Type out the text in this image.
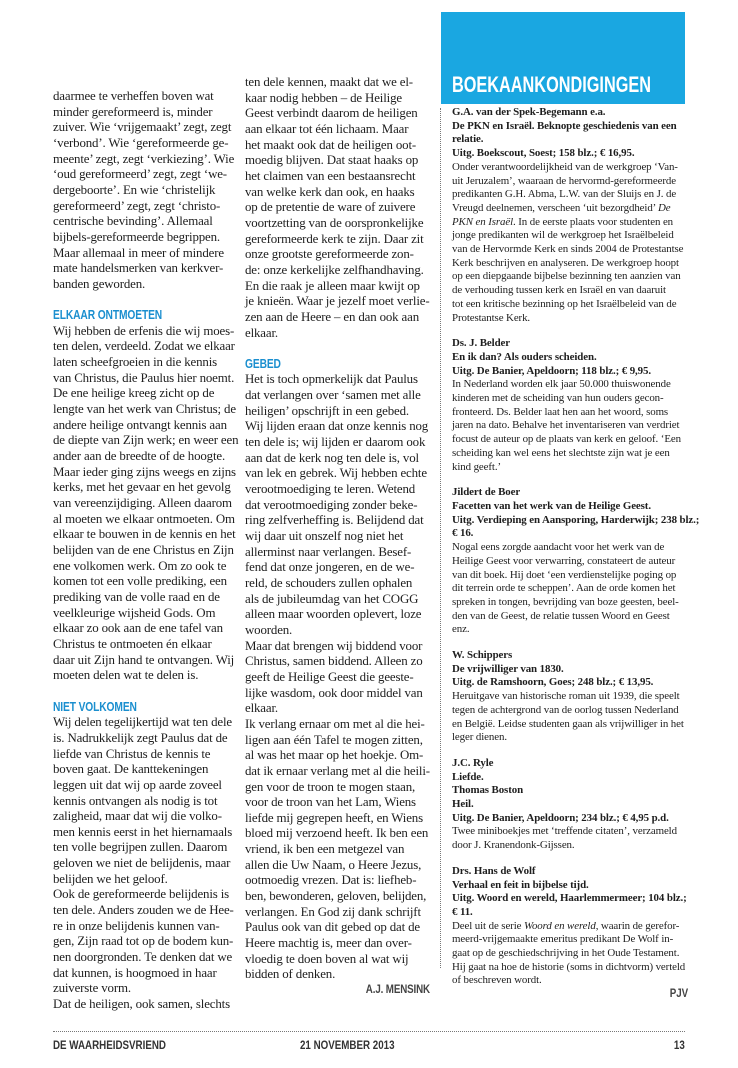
daarmee te verheffen boven wat
minder gereformeerd is, minder
zuiver. Wie ‘vrijgemaakt’ zegt, zegt
‘verbond’. Wie ‘gereformeerde ge-
meente’ zegt, zegt ‘verkiezing’. Wie
‘oud gereformeerd’ zegt, zegt ‘we-
dergeboorte’. En wie ‘christelijk
gereformeerd’ zegt, zegt ‘christo-
centrische bevinding’. Allemaal
bijbels-gereformeerde begrippen.
Maar allemaal in meer of mindere
mate handelsmerken van kerkver-
banden geworden.
ELKAAR ONTMOETEN
Wij hebben de erfenis die wij moes-
ten delen, verdeeld. Zodat we elkaar
laten scheefgroeien in die kennis
van Christus, die Paulus hier noemt.
De ene heilige kreeg zicht op de
lengte van het werk van Christus; de
andere heilige ontvangt kennis aan
de diepte van Zijn werk; en weer een
ander aan de breedte of de hoogte.
Maar ieder ging zijns weegs en zijns
kerks, met het gevaar en het gevolg
van vereenzijdiging. Alleen daarom
al moeten we elkaar ontmoeten. Om
elkaar te bouwen in de kennis en het
belijden van de ene Christus en Zijn
ene volkomen werk. Om zo ook te
komen tot een volle prediking, een
prediking van de volle raad en de
veelkleurige wijsheid Gods. Om
elkaar zo ook aan de ene tafel van
Christus te ontmoeten én elkaar
daar uit Zijn hand te ontvangen. Wij
moeten delen wat te delen is.
NIET VOLKOMEN
Wij delen tegelijkertijd wat ten dele
is. Nadrukkelijk zegt Paulus dat de
liefde van Christus de kennis te
boven gaat. De kanttekeningen
leggen uit dat wij op aarde zoveel
kennis ontvangen als nodig is tot
zaligheid, maar dat wij die volko-
men kennis eerst in het hiernamaals
ten volle begrijpen zullen. Daarom
geloven we niet de belijdenis, maar
belijden we het geloof.
Ook de gereformeerde belijdenis is
ten dele. Anders zouden we de Hee-
re in onze belijdenis kunnen van-
gen, Zijn raad tot op de bodem kun-
nen doorgronden. Te denken dat we
dat kunnen, is hoogmoed in haar
zuiverste vorm.
Dat de heiligen, ook samen, slechts
ten dele kennen, maakt dat we el-
kaar nodig hebben – de Heilige
Geest verbindt daarom de heiligen
aan elkaar tot één lichaam. Maar
het maakt ook dat de heiligen oot-
moedig blijven. Dat staat haaks op
het claimen van een bestaansrecht
van welke kerk dan ook, en haaks
op de pretentie de ware of zuivere
voortzetting van de oorspronkelijke
gereformeerde kerk te zijn. Daar zit
onze grootste gereformeerde zon-
de: onze kerkelijke zelfhandhaving.
En die raak je alleen maar kwijt op
je knieën. Waar je jezelf moet verlie-
zen aan de Heere – en dan ook aan
elkaar.
GEBED
Het is toch opmerkelijk dat Paulus
dat verlangen over ‘samen met alle
heiligen’ opschrijft in een gebed.
Wij lijden eraan dat onze kennis nog
ten dele is; wij lijden er daarom ook
aan dat de kerk nog ten dele is, vol
van lek en gebrek. Wij hebben echte
verootmoediging te leren. Wetend
dat verootmoediging zonder beke-
ring zelfverheffing is. Belijdend dat
wij daar uit onszelf nog niet het
allerminst naar verlangen. Besef-
fend dat onze jongeren, en de we-
reld, de schouders zullen ophalen
als de jubileumdag van het COGG
alleen maar woorden oplevert, loze
woorden.
Maar dat brengen wij biddend voor
Christus, samen biddend. Alleen zo
geeft de Heilige Geest die geeste-
lijke wasdom, ook door middel van
elkaar.
Ik verlang ernaar om met al die hei-
ligen aan één Tafel te mogen zitten,
al was het maar op het hoekje. Om-
dat ik ernaar verlang met al die heili-
gen voor de troon te mogen staan,
voor de troon van het Lam, Wiens
liefde mij gegrepen heeft, en Wiens
bloed mij verzoend heeft. Ik ben een
vriend, ik ben een metgezel van
allen die Uw Naam, o Heere Jezus,
ootmoedig vrezen. Dat is: liefheb-
ben, bewonderen, geloven, belijden,
verlangen. En God zij dank schrijft
Paulus ook van dit gebed op dat de
Heere machtig is, meer dan over-
vloedig te doen boven al wat wij
bidden of denken.
A.J. MENSINK
BOEKAANKONDIGINGEN
G.A. van der Spek-Begemann e.a.
De PKN en Israël. Beknopte geschiedenis van een
relatie.
Uitg. Boekscout, Soest; 158 blz.; € 16,95.
Onder verantwoordelijkheid van de werkgroep ‘Van-
uit Jeruzalem’, waaraan de hervormd-gereformeerde
predikanten G.H. Abma, L.W. van der Sluijs en J. de
Vreugd deelnemen, verscheen ‘uit bezorgdheid’ De
PKN en Israël. In de eerste plaats voor studenten en
jonge predikanten wil de werkgroep het Israëlbeleid
van de Hervormde Kerk en sinds 2004 de Protestantse
Kerk beschrijven en analyseren. De werkgroep hoopt
op een diepgaande bijbelse bezinning ten aanzien van
de verhouding tussen kerk en Israël en van daaruit
tot een kritische bezinning op het Israëlbeleid van de
Protestantse Kerk.
Ds. J. Belder
En ik dan? Als ouders scheiden.
Uitg. De Banier, Apeldoorn; 118 blz.; € 9,95.
In Nederland worden elk jaar 50.000 thuiswonende
kinderen met de scheiding van hun ouders gecon-
fronteerd. Ds. Belder laat hen aan het woord, soms
jaren na dato. Behalve het inventariseren van verdriet
focust de auteur op de plaats van kerk en geloof. ‘Een
scheiding kan wel eens het slechtste zijn wat je een
kind geeft.’
Jildert de Boer
Facetten van het werk van de Heilige Geest.
Uitg. Verdieping en Aansporing, Harderwijk; 238 blz.;
€ 16.
Nogal eens zorgde aandacht voor het werk van de
Heilige Geest voor verwarring, constateert de auteur
van dit boek. Hij doet ‘een verdienstelijke poging op
dit terrein orde te scheppen’. Aan de orde komen het
spreken in tongen, bevrijding van boze geesten, beel-
den van de Geest, de relatie tussen Woord en Geest
enz.
W. Schippers
De vrijwilliger van 1830.
Uitg. de Ramshoorn, Goes; 248 blz.; € 13,95.
Heruitgave van historische roman uit 1939, die speelt
tegen de achtergrond van de oorlog tussen Nederland
en België. Leidse studenten gaan als vrijwilliger in het
leger dienen.
J.C. Ryle
Liefde.
Thomas Boston
Heil.
Uitg. De Banier, Apeldoorn; 234 blz.; € 4,95 p.d.
Twee miniboekjes met ‘treffende citaten’, verzameld
door J. Kranendonk-Gijssen.
Drs. Hans de Wolf
Verhaal en feit in bijbelse tijd.
Uitg. Woord en wereld, Haarlemmermeer; 104 blz.;
€ 11.
Deel uit de serie Woord en wereld, waarin de gerefor-
meerd-vrijgemaakte emeritus predikant De Wolf in-
gaat op de geschiedschrijving in het Oude Testament.
Hij gaat na hoe de historie (soms in dichtvorm) verteld
of beschreven wordt.
PJV
DE WAARHEIDSVRIEND	21 NOVEMBER 2013	13
